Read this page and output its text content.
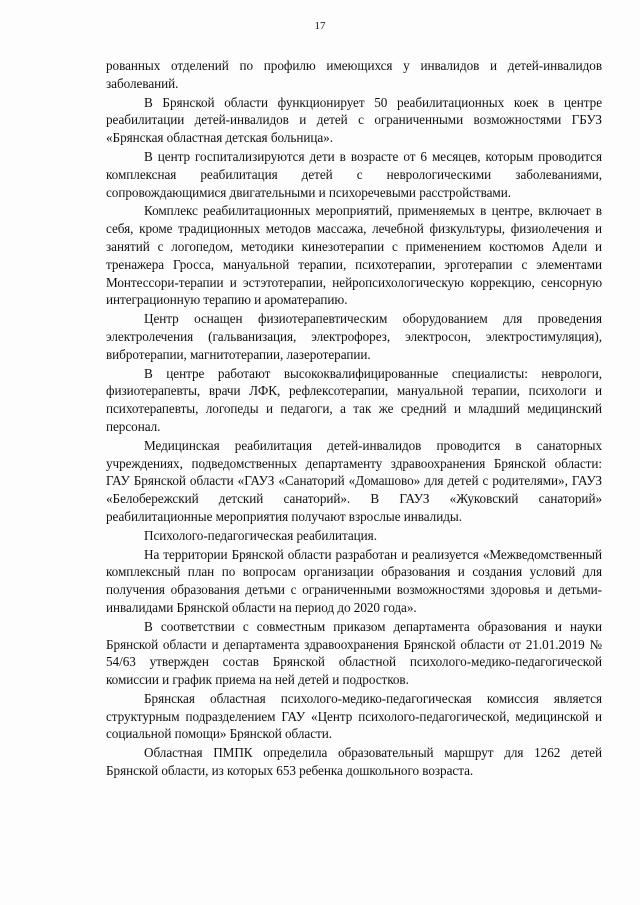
17

рованных отделений по профилю имеющихся у инвалидов и детей-инвалидов заболеваний.

В Брянской области функционирует 50 реабилитационных коек в центре реабилитации детей-инвалидов и детей с ограниченными возможностями ГБУЗ «Брянская областная детская больница».

В центр госпитализируются дети в возрасте от 6 месяцев, которым проводится комплексная реабилитация детей с неврологическими заболеваниями, сопровождающимися двигательными и психоречевыми расстройствами.

Комплекс реабилитационных мероприятий, применяемых в центре, включает в себя, кроме традиционных методов массажа, лечебной физкультуры, физиолечения и занятий с логопедом, методики кинезотерапии с применением костюмов Адели и тренажера Гросса, мануальной терапии, психотерапии, эрготерапии с элементами Монтессори-терапии и эстэтотерапии, нейропсихологическую коррекцию, сенсорную интеграционную терапию и ароматерапию.

Центр оснащен физиотерапевтическим оборудованием для проведения электролечения (гальванизация, электрофорез, электросон, электростимуляция), вибротерапии, магнитотерапии, лазеротерапии.

В центре работают высококвалифицированные специалисты: неврологи, физиотерапевты, врачи ЛФК, рефлексотерапии, мануальной терапии, психологи и психотерапевты, логопеды и педагоги, а так же средний и младший медицинский персонал.

Медицинская реабилитация детей-инвалидов проводится в санаторных учреждениях, подведомственных департаменту здравоохранения Брянской области: ГАУ Брянской области «ГАУЗ «Санаторий «Домашово» для детей с родителями», ГАУЗ «Белобережский детский санаторий». В ГАУЗ «Жуковский санаторий» реабилитационные мероприятия получают взрослые инвалиды.

Психолого-педагогическая реабилитация.

На территории Брянской области разработан и реализуется «Межведомственный комплексный план по вопросам организации образования и создания условий для получения образования детьми с ограниченными возможностями здоровья и детьми-инвалидами Брянской области на период до 2020 года».

В соответствии с совместным приказом департамента образования и науки Брянской области и департамента здравоохранения Брянской области от 21.01.2019 № 54/63 утвержден состав Брянской областной психолого-медико-педагогической комиссии и график приема на ней детей и подростков.

Брянская областная психолого-медико-педагогическая комиссия является структурным подразделением ГАУ «Центр психолого-педагогической, медицинской и социальной помощи» Брянской области.

Областная ПМПК определила образовательный маршрут для 1262 детей Брянской области, из которых 653 ребенка дошкольного возраста.
